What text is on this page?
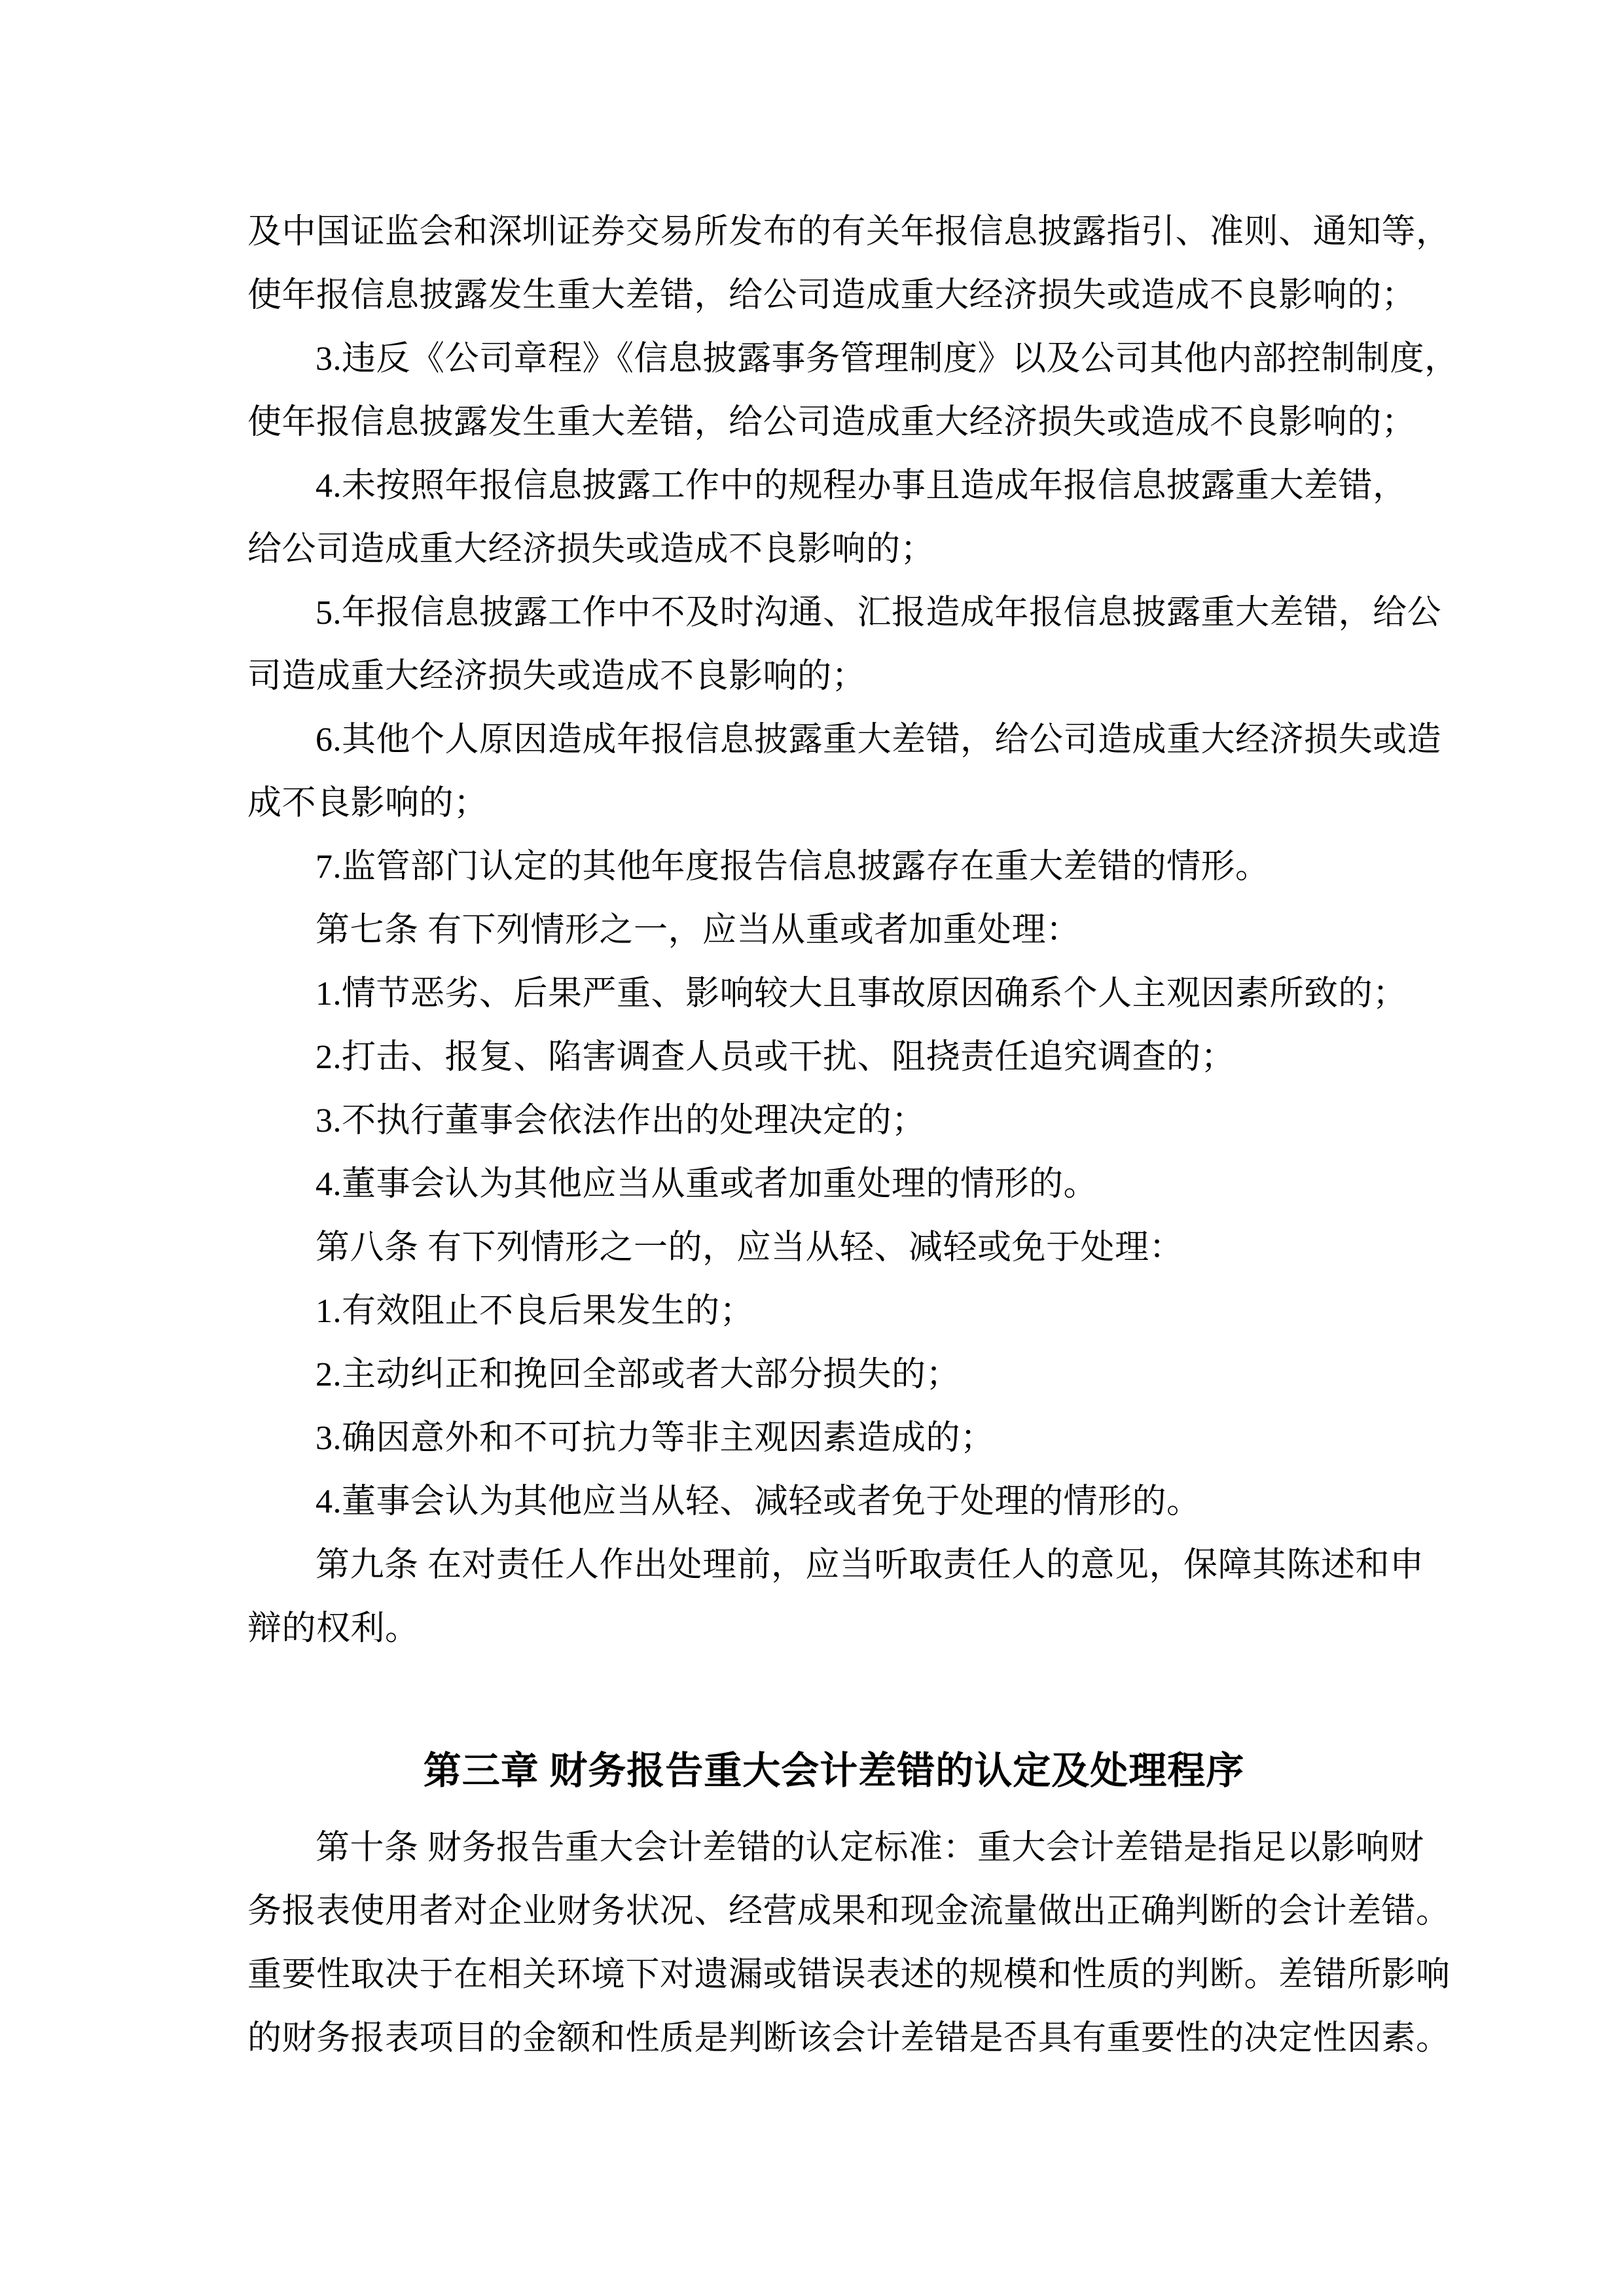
及中国证监会和深圳证券交易所发布的有关年报信息披露指引、准则、通知等，
使年报信息披露发生重大差错，给公司造成重大经济损失或造成不良影响的；
3.违反《公司章程》《信息披露事务管理制度》以及公司其他内部控制制度，
使年报信息披露发生重大差错，给公司造成重大经济损失或造成不良影响的；
4.未按照年报信息披露工作中的规程办事且造成年报信息披露重大差错，
给公司造成重大经济损失或造成不良影响的；
5.年报信息披露工作中不及时沟通、汇报造成年报信息披露重大差错，给公
司造成重大经济损失或造成不良影响的；
6.其他个人原因造成年报信息披露重大差错，给公司造成重大经济损失或造
成不良影响的；
7.监管部门认定的其他年度报告信息披露存在重大差错的情形。
第七条 有下列情形之一，应当从重或者加重处理：
1.情节恶劣、后果严重、影响较大且事故原因确系个人主观因素所致的；
2.打击、报复、陷害调查人员或干扰、阻挠责任追究调查的；
3.不执行董事会依法作出的处理决定的；
4.董事会认为其他应当从重或者加重处理的情形的。
第八条 有下列情形之一的，应当从轻、减轻或免于处理：
1.有效阻止不良后果发生的；
2.主动纠正和挽回全部或者大部分损失的；
3.确因意外和不可抗力等非主观因素造成的；
4.董事会认为其他应当从轻、减轻或者免于处理的情形的。
第九条 在对责任人作出处理前，应当听取责任人的意见，保障其陈述和申
辩的权利。
第三章 财务报告重大会计差错的认定及处理程序
第十条 财务报告重大会计差错的认定标准：重大会计差错是指足以影响财
务报表使用者对企业财务状况、经营成果和现金流量做出正确判断的会计差错。
重要性取决于在相关环境下对遗漏或错误表述的规模和性质的判断。差错所影响
的财务报表项目的金额和性质是判断该会计差错是否具有重要性的决定性因素。
